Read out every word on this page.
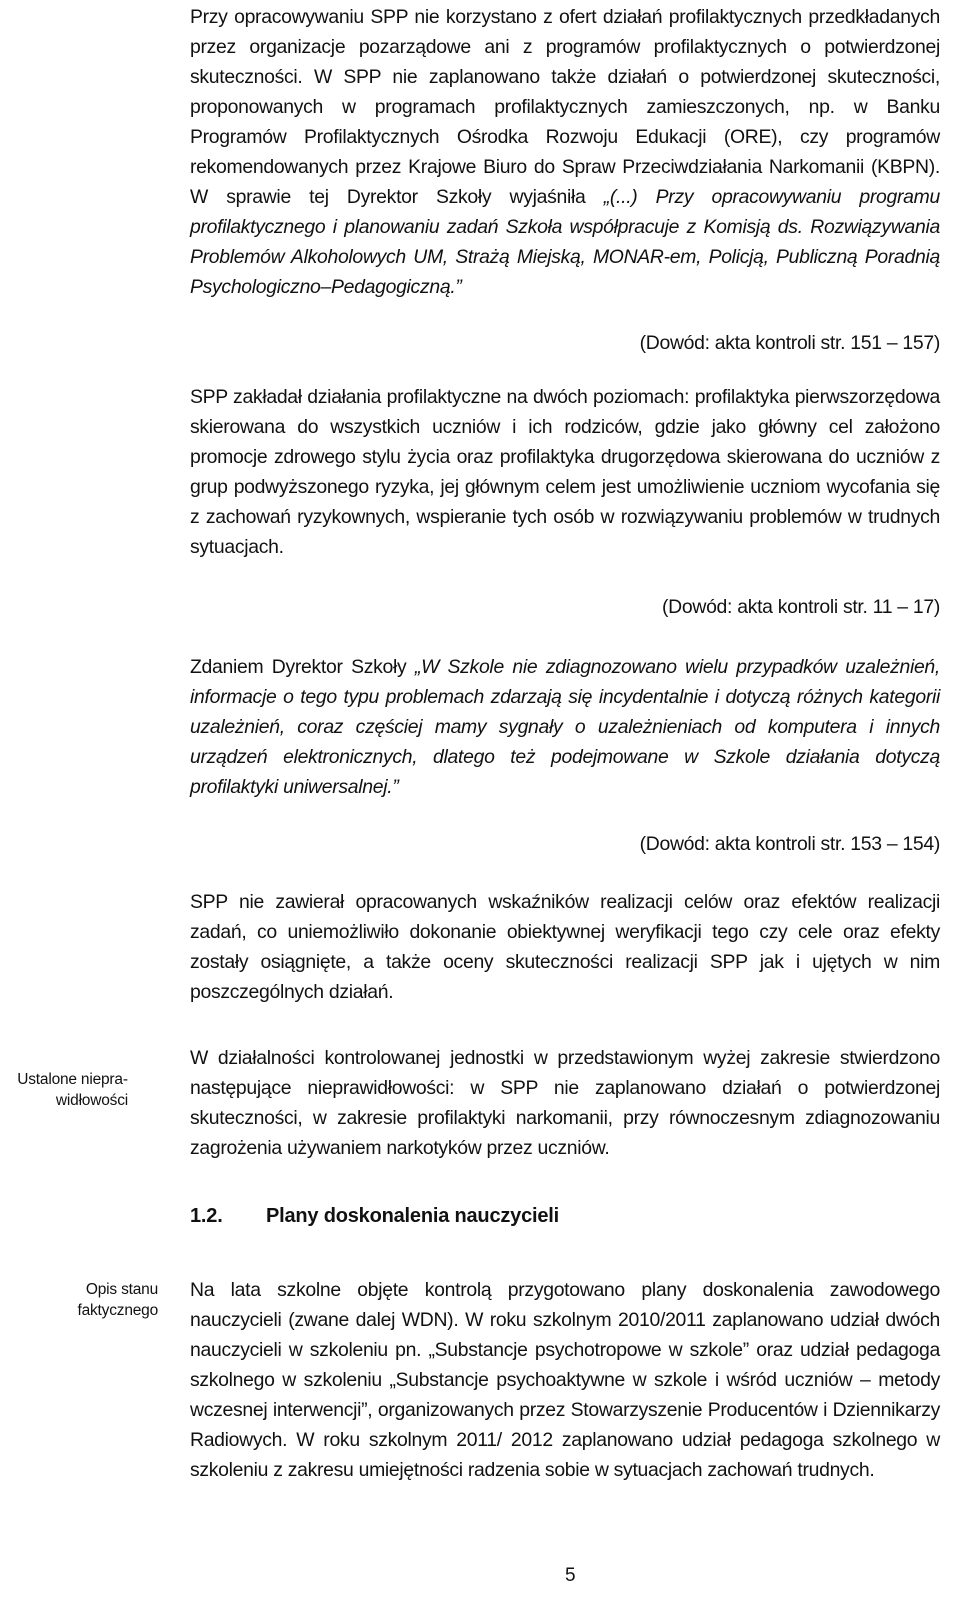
Przy opracowywaniu SPP nie korzystano z ofert działań profilaktycznych przedkładanych przez organizacje pozarządowe ani z programów profilaktycznych o potwierdzonej skuteczności. W SPP nie zaplanowano także działań o potwierdzonej skuteczności, proponowanych w programach profilaktycznych zamieszczonych, np. w Banku Programów Profilaktycznych Ośrodka Rozwoju Edukacji (ORE), czy programów rekomendowanych przez Krajowe Biuro do Spraw Przeciwdziałania Narkomanii (KBPN). W sprawie tej Dyrektor Szkoły wyjaśniła „(...) Przy opracowywaniu programu profilaktycznego i planowaniu zadań Szkoła współpracuje z Komisją ds. Rozwiązywania Problemów Alkoholowych UM, Strażą Miejską, MONAR-em, Policją, Publiczną Poradnią Psychologiczno–Pedagogiczną.”
(Dowód: akta kontroli str. 151 – 157)
SPP zakładał działania profilaktyczne na dwóch poziomach: profilaktyka pierwszorzędowa skierowana do wszystkich uczniów i ich rodziców, gdzie jako główny cel założono promocje zdrowego stylu życia oraz profilaktyka drugorzędowa skierowana do uczniów z grup podwyższonego ryzyka, jej głównym celem jest umożliwienie uczniom wycofania się z zachowań ryzykownych, wspieranie tych osób w rozwiązywaniu problemów w trudnych sytuacjach.
(Dowód: akta kontroli str. 11 – 17)
Zdaniem Dyrektor Szkoły „W Szkole nie zdiagnozowano wielu przypadków uzależnień, informacje o tego typu problemach zdarzają się incydentalnie i dotyczą różnych kategorii uzależnień, coraz częściej mamy sygnały o uzależnieniach od komputera i innych urządzeń elektronicznych, dlatego też podejmowane w Szkole działania dotyczą profilaktyki uniwersalnej.”
(Dowód: akta kontroli str. 153 – 154)
SPP nie zawierał opracowanych wskaźników realizacji celów oraz efektów realizacji zadań, co uniemożliwiło dokonanie obiektywnej weryfikacji tego czy cele oraz efekty zostały osiągnięte, a także oceny skuteczności realizacji SPP jak i ujętych w nim poszczególnych działań.
Ustalone nieprawidłowości
W działalności kontrolowanej jednostki w przedstawionym wyżej zakresie stwierdzono następujące nieprawidłowości: w SPP nie zaplanowano działań o potwierdzonej skuteczności, w zakresie profilaktyki narkomanii, przy równoczesnym zdiagnozowaniu zagrożenia używaniem narkotyków przez uczniów.
1.2. Plany doskonalenia nauczycieli
Opis stanu faktycznego
Na lata szkolne objęte kontrolą przygotowano plany doskonalenia zawodowego nauczycieli (zwane dalej WDN). W roku szkolnym 2010/2011 zaplanowano udział dwóch nauczycieli w szkoleniu pn. „Substancje psychotropowe w szkole” oraz udział pedagoga szkolnego w szkoleniu „Substancje psychoaktywne w szkole i wśród uczniów – metody wczesnej interwencji”, organizowanych przez Stowarzyszenie Producentów i Dziennikarzy Radiowych. W roku szkolnym 2011/ 2012 zaplanowano udział pedagoga szkolnego w szkoleniu z zakresu umiejętności radzenia sobie w sytuacjach zachowań trudnych.
5
